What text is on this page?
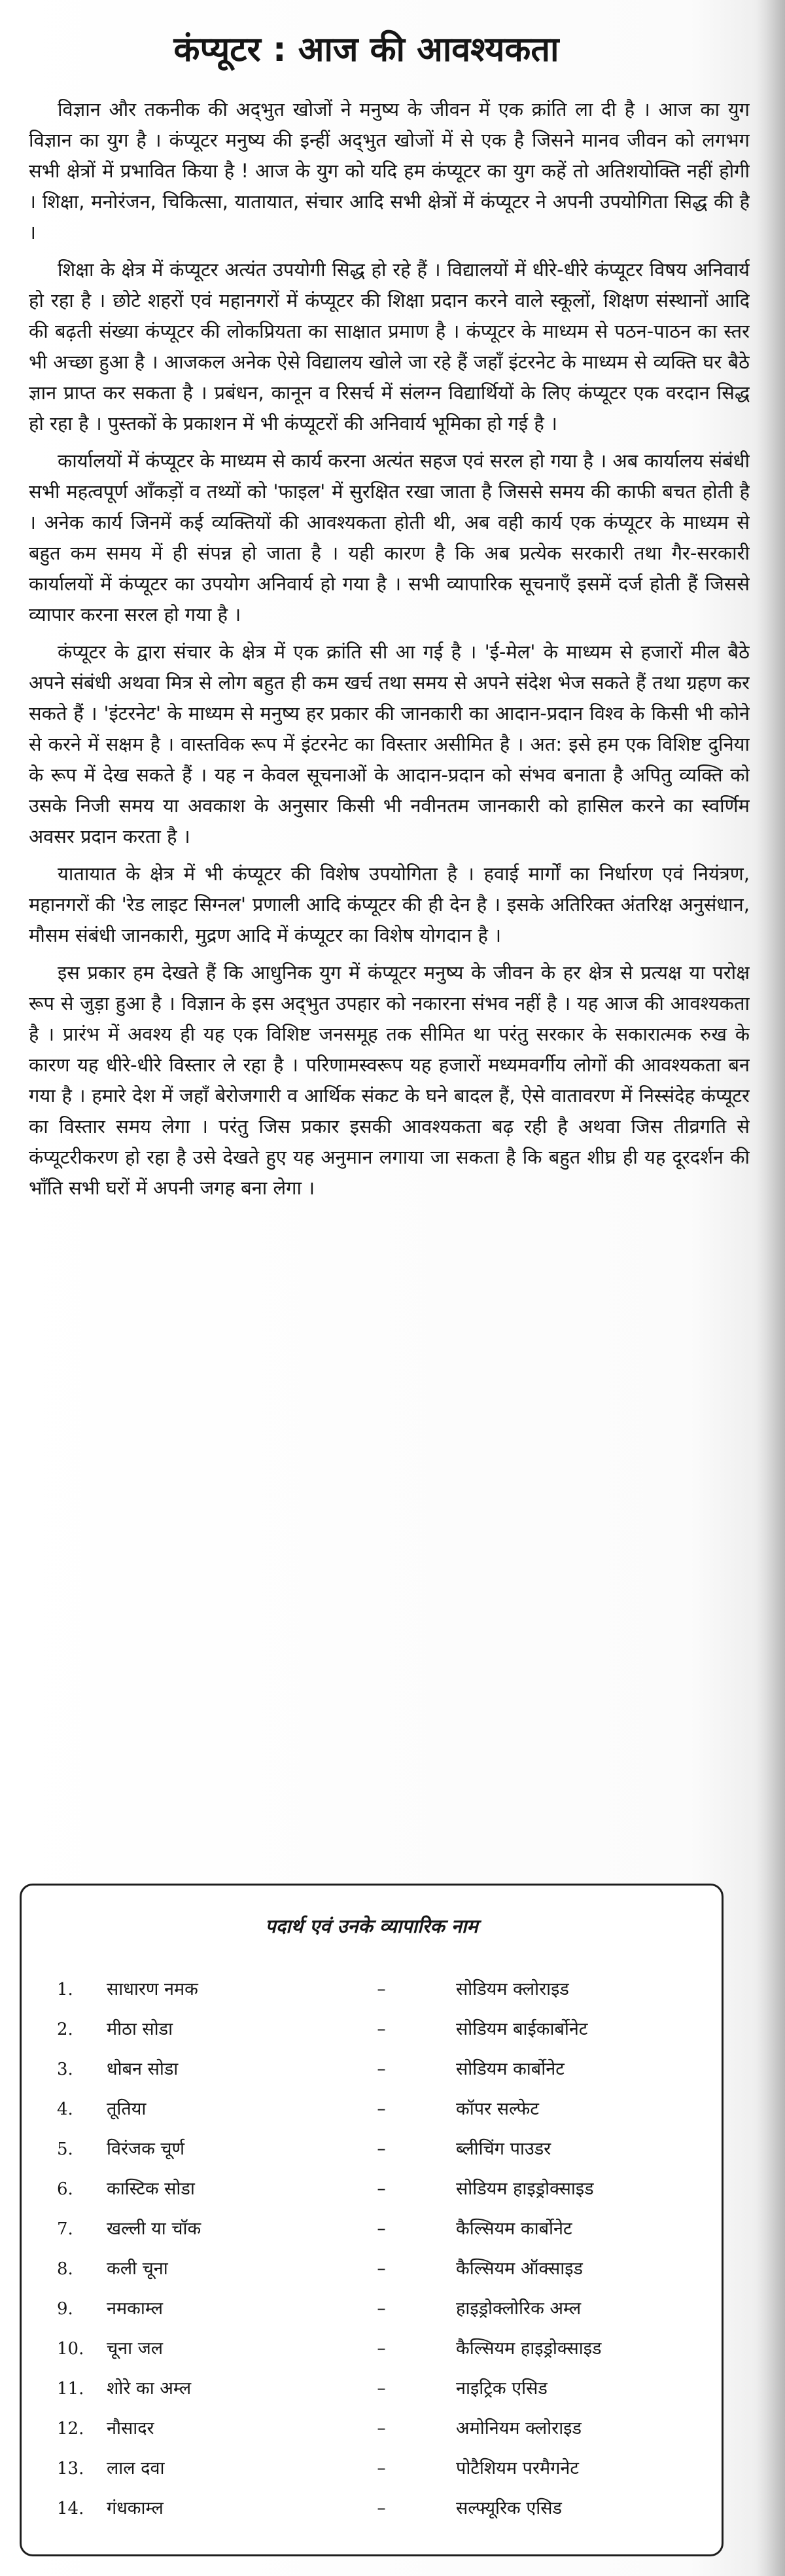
कंप्यूटर : आज की आवश्यकता

विज्ञान और तकनीक की अद्‌भुत खोजों ने मनुष्य के जीवन में एक क्रांति ला दी है । आज का युग विज्ञान का युग है । कंप्यूटर मनुष्य की इन्हीं अद्‌भुत खोजों में से एक है जिसने मानव जीवन को लगभग सभी क्षेत्रों में प्रभावित किया है ! आज के युग को यदि हम कंप्यूटर का युग कहें तो अतिशयोक्ति नहीं होगी । शिक्षा, मनोरंजन, चिकित्सा, यातायात, संचार आदि सभी क्षेत्रों में कंप्यूटर ने अपनी उपयोगिता सिद्ध की है ।

शिक्षा के क्षेत्र में कंप्यूटर अत्यंत उपयोगी सिद्ध हो रहे हैं । विद्यालयों में धीरे-धीरे कंप्यूटर विषय अनिवार्य हो रहा है । छोटे शहरों एवं महानगरों में कंप्यूटर की शिक्षा प्रदान करने वाले स्कूलों, शिक्षण संस्थानों आदि की बढ़ती संख्या कंप्यूटर की लोकप्रियता का साक्षात प्रमाण है । कंप्यूटर के माध्यम से पठन-पाठन का स्तर भी अच्छा हुआ है । आजकल अनेक ऐसे विद्यालय खोले जा रहे हैं जहाँ इंटरनेट के माध्यम से व्यक्ति घर बैठे ज्ञान प्राप्त कर सकता है । प्रबंधन, कानून व रिसर्च में संलग्न विद्यार्थियों के लिए कंप्यूटर एक वरदान सिद्ध हो रहा है । पुस्तकों के प्रकाशन में भी कंप्यूटरों की अनिवार्य भूमिका हो गई है ।

कार्यालयों में कंप्यूटर के माध्यम से कार्य करना अत्यंत सहज एवं सरल हो गया है । अब कार्यालय संबंधी सभी महत्वपूर्ण आँकड़ों व तथ्यों को 'फाइल' में सुरक्षित रखा जाता है जिससे समय की काफी बचत होती है । अनेक कार्य जिनमें कई व्यक्तियों की आवश्यकता होती थी, अब वही कार्य एक कंप्यूटर के माध्यम से बहुत कम समय में ही संपन्न हो जाता है । यही कारण है कि अब प्रत्येक सरकारी तथा गैर-सरकारी कार्यालयों में कंप्यूटर का उपयोग अनिवार्य हो गया है । सभी व्यापारिक सूचनाएँ इसमें दर्ज होती हैं जिससे व्यापार करना सरल हो गया है ।

कंप्यूटर के द्वारा संचार के क्षेत्र में एक क्रांति सी आ गई है । 'ई-मेल' के माध्यम से हजारों मील बैठे अपने संबंधी अथवा मित्र से लोग बहुत ही कम खर्च तथा समय से अपने संदेश भेज सकते हैं तथा ग्रहण कर सकते हैं । 'इंटरनेट' के माध्यम से मनुष्य हर प्रकार की जानकारी का आदान-प्रदान विश्व के किसी भी कोने से करने में सक्षम है । वास्तविक रूप में इंटरनेट का विस्तार असीमित है । अत: इसे हम एक विशिष्ट दुनिया के रूप में देख सकते हैं । यह न केवल सूचनाओं के आदान-प्रदान को संभव बनाता है अपितु व्यक्ति को उसके निजी समय या अवकाश के अनुसार किसी भी नवीनतम जानकारी को हासिल करने का स्वर्णिम अवसर प्रदान करता है ।

यातायात के क्षेत्र में भी कंप्यूटर की विशेष उपयोगिता है । हवाई मार्गों का निर्धारण एवं नियंत्रण, महानगरों की 'रेड लाइट सिग्नल' प्रणाली आदि कंप्यूटर की ही देन है । इसके अतिरिक्त अंतरिक्ष अनुसंधान, मौसम संबंधी जानकारी, मुद्रण आदि में कंप्यूटर का विशेष योगदान है ।

इस प्रकार हम देखते हैं कि आधुनिक युग में कंप्यूटर मनुष्य के जीवन के हर क्षेत्र से प्रत्यक्ष या परोक्ष रूप से जुड़ा हुआ है । विज्ञान के इस अद्‌भुत उपहार को नकारना संभव नहीं है । यह आज की आवश्यकता है । प्रारंभ में अवश्य ही यह एक विशिष्ट जनसमूह तक सीमित था परंतु सरकार के सकारात्मक रुख के कारण यह धीरे-धीरे विस्तार ले रहा है । परिणामस्वरूप यह हजारों मध्यमवर्गीय लोगों की आवश्यकता बन गया है । हमारे देश में जहाँ बेरोजगारी व आर्थिक संकट के घने बादल हैं, ऐसे वातावरण में निस्संदेह कंप्यूटर का विस्तार समय लेगा । परंतु जिस प्रकार इसकी आवश्यकता बढ़ रही है अथवा जिस तीव्रगति से कंप्यूटरीकरण हो रहा है उसे देखते हुए यह अनुमान लगाया जा सकता है कि बहुत शीघ्र ही यह दूरदर्शन की भाँति सभी घरों में अपनी जगह बना लेगा ।

पदार्थ एवं उनके व्यापारिक नाम
1.	साधारण नमक	–	सोडियम क्लोराइड
2.	मीठा सोडा	–	सोडियम बाईकार्बोनेट
3.	धोबन सोडा	–	सोडियम कार्बोनेट
4.	तूतिया	–	कॉपर सल्फेट
5.	विरंजक चूर्ण	–	ब्लीचिंग पाउडर
6.	कास्टिक सोडा	–	सोडियम हाइड्रोक्साइड
7.	खल्ली या चॉक	–	कैल्सियम कार्बोनेट
8.	कली चूना	–	कैल्सियम ऑक्साइड
9.	नमकाम्ल	–	हाइड्रोक्लोरिक अम्ल
10.	चूना जल	–	कैल्सियम हाइड्रोक्साइड
11.	शोरे का अम्ल	–	नाइट्रिक एसिड
12.	नौसादर	–	अमोनियम क्लोराइड
13.	लाल दवा	–	पोटैशियम परमैगनेट
14.	गंधकाम्ल	–	सल्फ्यूरिक एसिड
